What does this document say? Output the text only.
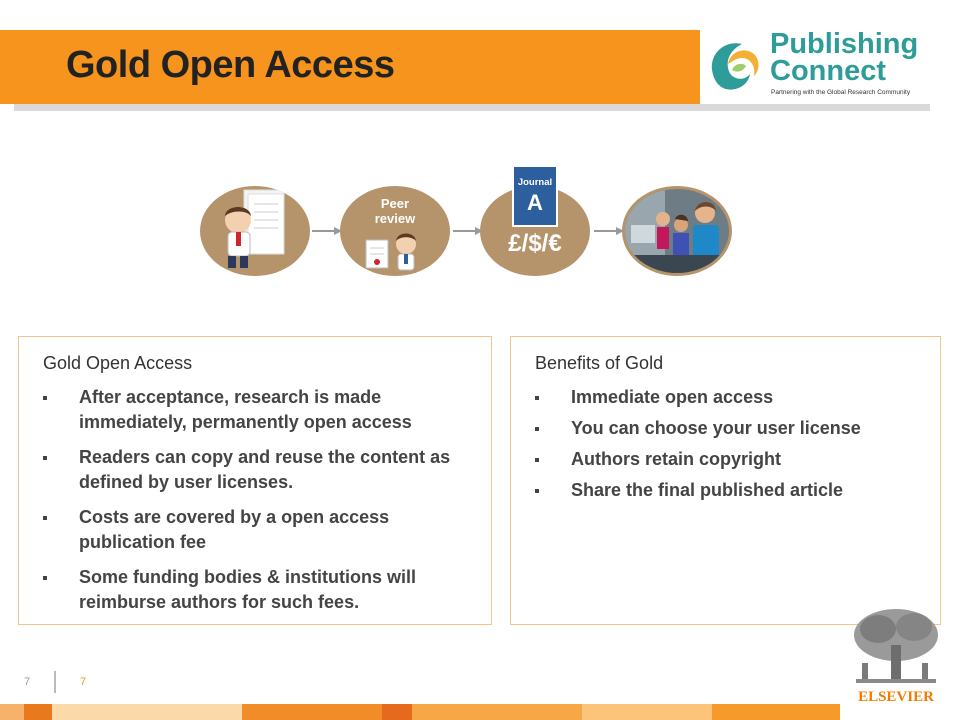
Gold Open Access	Publishing
Connect
Partnering with the Global Research Community
Peer
review
£/$/€
Journal
A
Gold Open Access
After acceptance, research is made immediately, permanently open access
Readers can copy and reuse the content as defined by user licenses.
Costs are covered by a open access publication fee
Some funding bodies & institutions will reimburse authors for such fees.
Benefits of Gold
Immediate open access
You can choose your user license
Authors retain copyright
Share the final published article
7	7
ELSEVIER
